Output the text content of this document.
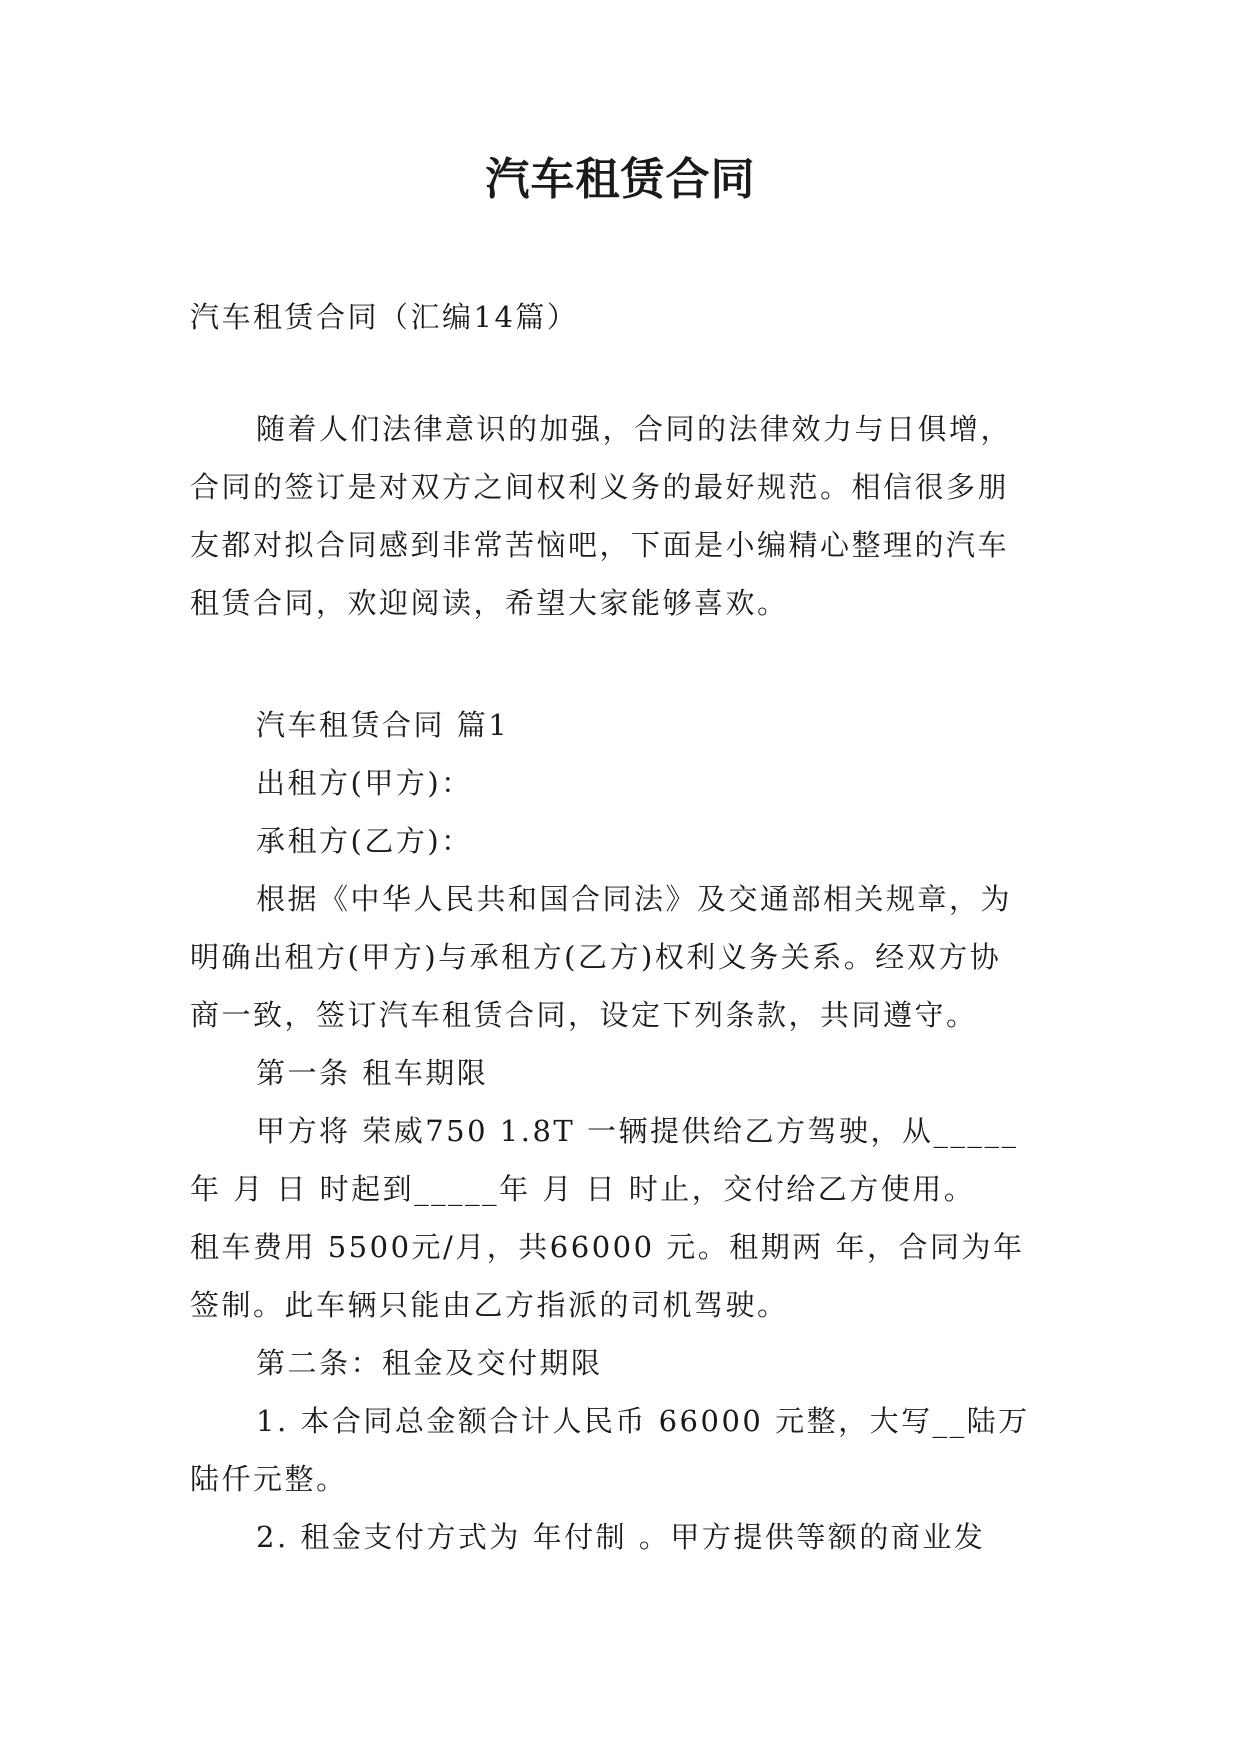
汽车租赁合同
汽车租赁合同（汇编14篇）

随着人们法律意识的加强，合同的法律效力与日俱增，
合同的签订是对双方之间权利义务的最好规范。相信很多朋
友都对拟合同感到非常苦恼吧，下面是小编精心整理的汽车
租赁合同，欢迎阅读，希望大家能够喜欢。

汽车租赁合同 篇1
出租方(甲方)：
承租方(乙方)：
根据《中华人民共和国合同法》及交通部相关规章，为
明确出租方(甲方)与承租方(乙方)权利义务关系。经双方协
商一致，签订汽车租赁合同，设定下列条款，共同遵守。
第一条 租车期限
甲方将 荣威750 1.8T 一辆提供给乙方驾驶，从_____
年 月 日 时起到_____年 月 日 时止，交付给乙方使用。
租车费用 5500元/月，共66000 元。租期两 年，合同为年
签制。此车辆只能由乙方指派的司机驾驶。
第二条：租金及交付期限
1. 本合同总金额合计人民币 66000 元整，大写__陆万
陆仟元整。
2. 租金支付方式为 年付制 。甲方提供等额的商业发
